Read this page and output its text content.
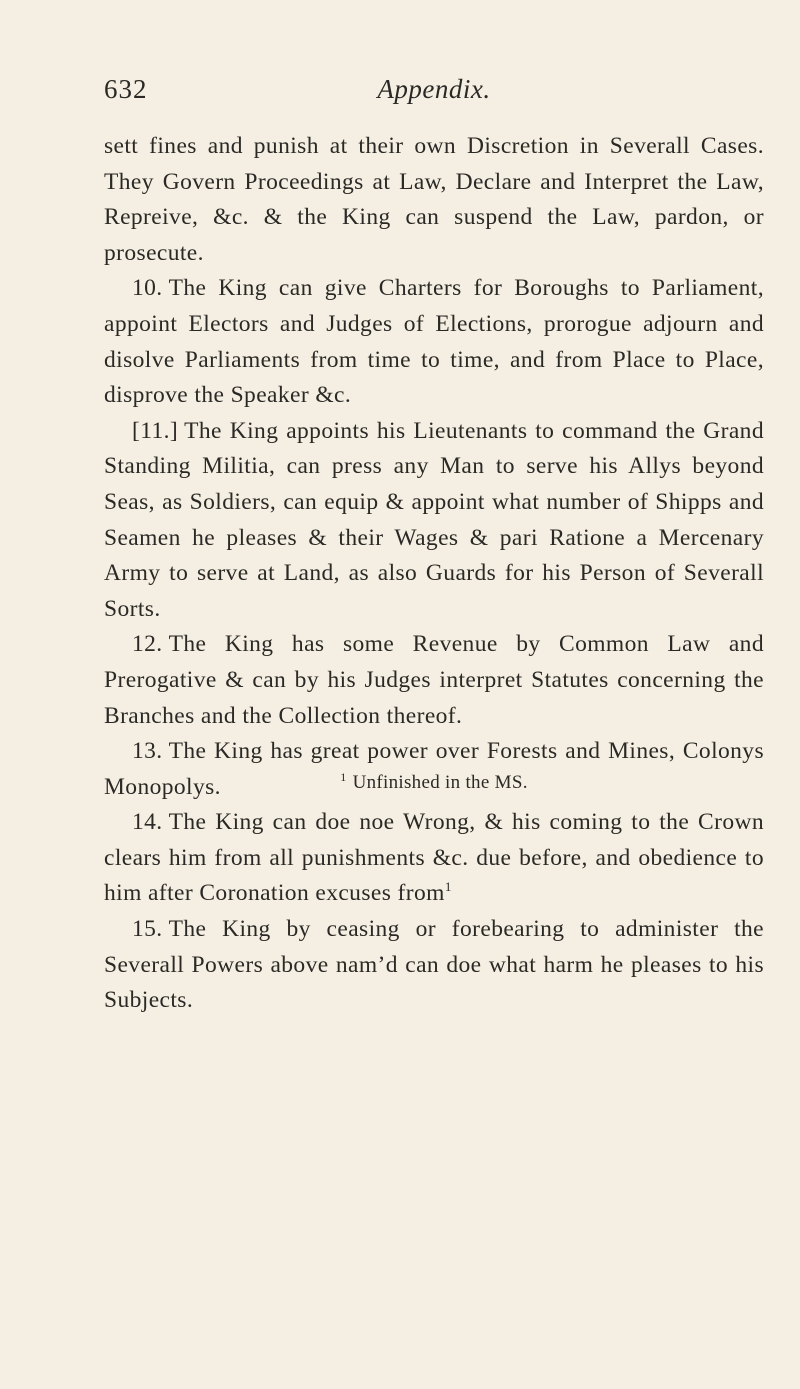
632	Appendix.

sett fines and punish at their own Discretion in Severall Cases. They Govern Proceedings at Law, Declare and Interpret the Law, Repreive, &c. & the King can suspend the Law, pardon, or prosecute.

10. The King can give Charters for Boroughs to Parliament, appoint Electors and Judges of Elections, prorogue adjourn and disolve Parliaments from time to time, and from Place to Place, disprove the Speaker &c.

[11.] The King appoints his Lieutenants to command the Grand Standing Militia, can press any Man to serve his Allys beyond Seas, as Soldiers, can equip & appoint what number of Shipps and Seamen he pleases & their Wages & pari Ratione a Mercenary Army to serve at Land, as also Guards for his Person of Severall Sorts.

12. The King has some Revenue by Common Law and Prerogative & can by his Judges interpret Statutes concerning the Branches and the Collection thereof.

13. The King has great power over Forests and Mines, Colonys Monopolys.

14. The King can doe noe Wrong, & his coming to the Crown clears him from all punishments &c. due before, and obedience to him after Coronation excuses from$^1$

15. The King by ceasing or forebearing to administer the Severall Powers above nam’d can doe what harm he pleases to his Subjects.

$^1$ Unfinished in the MS.
